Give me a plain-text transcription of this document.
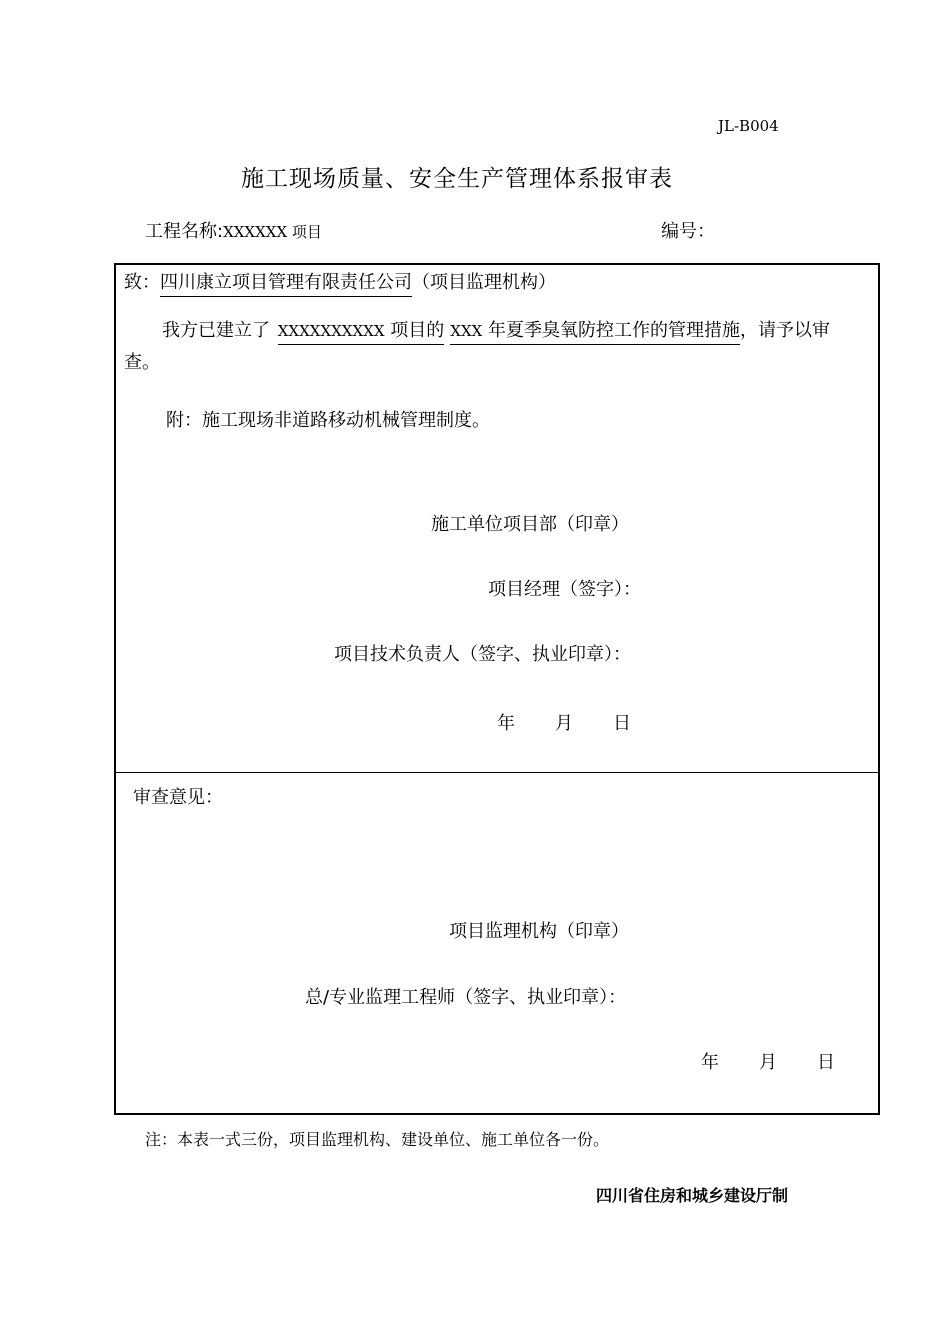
JL-B004
施工现场质量、安全生产管理体系报审表
工程名称:XXXXXX 项目	编号：
致：四川康立项目管理有限责任公司（项目监理机构）
我方已建立了 XXXXXXXXXX 项目的 XXX 年夏季臭氧防控工作的管理措施，请予以审
查。
附：施工现场非道路移动机械管理制度。
施工单位项目部（印章）
项目经理（签字）：
项目技术负责人（签字、执业印章）：
年 月 日
审查意见：
项目监理机构（印章）
总/专业监理工程师（签字、执业印章）：
年 月 日
注：本表一式三份，项目监理机构、建设单位、施工单位各一份。
四川省住房和城乡建设厅制
